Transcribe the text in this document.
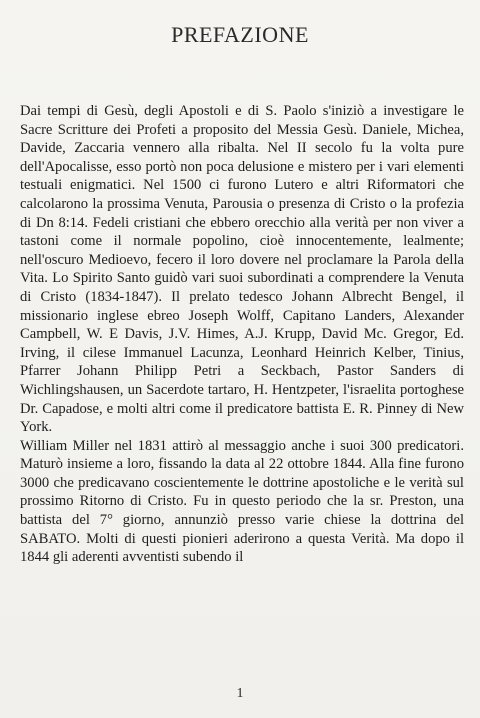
PREFAZIONE

Dai tempi di Gesù, degli Apostoli e di S. Paolo s'iniziò a investigare le Sacre Scritture dei Profeti a proposito del Messia Gesù. Daniele, Michea, Davide, Zaccaria vennero alla ribalta. Nel II secolo fu la volta pure dell'Apocalisse, esso portò non poca delusione e mistero per i vari elementi testuali enigmatici. Nel 1500 ci furono Lutero e altri Riformatori che calcolarono la prossima Venuta, Parousia o presenza di Cristo o la profezia di Dn 8:14. Fedeli cristiani che ebbero orecchio alla verità per non viver a tastoni come il normale popolino, cioè innocentemente, lealmente; nell'oscuro Medioevo, fecero il loro dovere nel proclamare la Parola della Vita. Lo Spirito Santo guidò vari suoi subordinati a comprendere la Venuta di Cristo (1834-1847). Il prelato tedesco Johann Albrecht Bengel, il missionario inglese ebreo Joseph Wolff, Capitano Landers, Alexander Campbell, W. E Davis, J.V. Himes, A.J. Krupp, David Mc. Gregor, Ed. Irving, il cilese Immanuel Lacunza, Leonhard Heinrich Kelber, Tinius, Pfarrer Johann Philipp Petri a Seckbach, Pastor Sanders di Wichlingshausen, un Sacerdote tartaro, H. Hentzpeter, l'israelita portoghese Dr. Capadose, e molti altri come il predicatore battista E. R. Pinney di New York.

William Miller nel 1831 attirò al messaggio anche i suoi 300 predicatori. Maturò insieme a loro, fissando la data al 22 ottobre 1844. Alla fine furono 3000 che predicavano coscientemente le dottrine apostoliche e le verità sul prossimo Ritorno di Cristo. Fu in questo periodo che la sr. Preston, una battista del 7° giorno, annunziò presso varie chiese la dottrina del SABATO. Molti di questi pionieri aderirono a questa Verità. Ma dopo il 1844 gli aderenti avventisti subendo il

1
